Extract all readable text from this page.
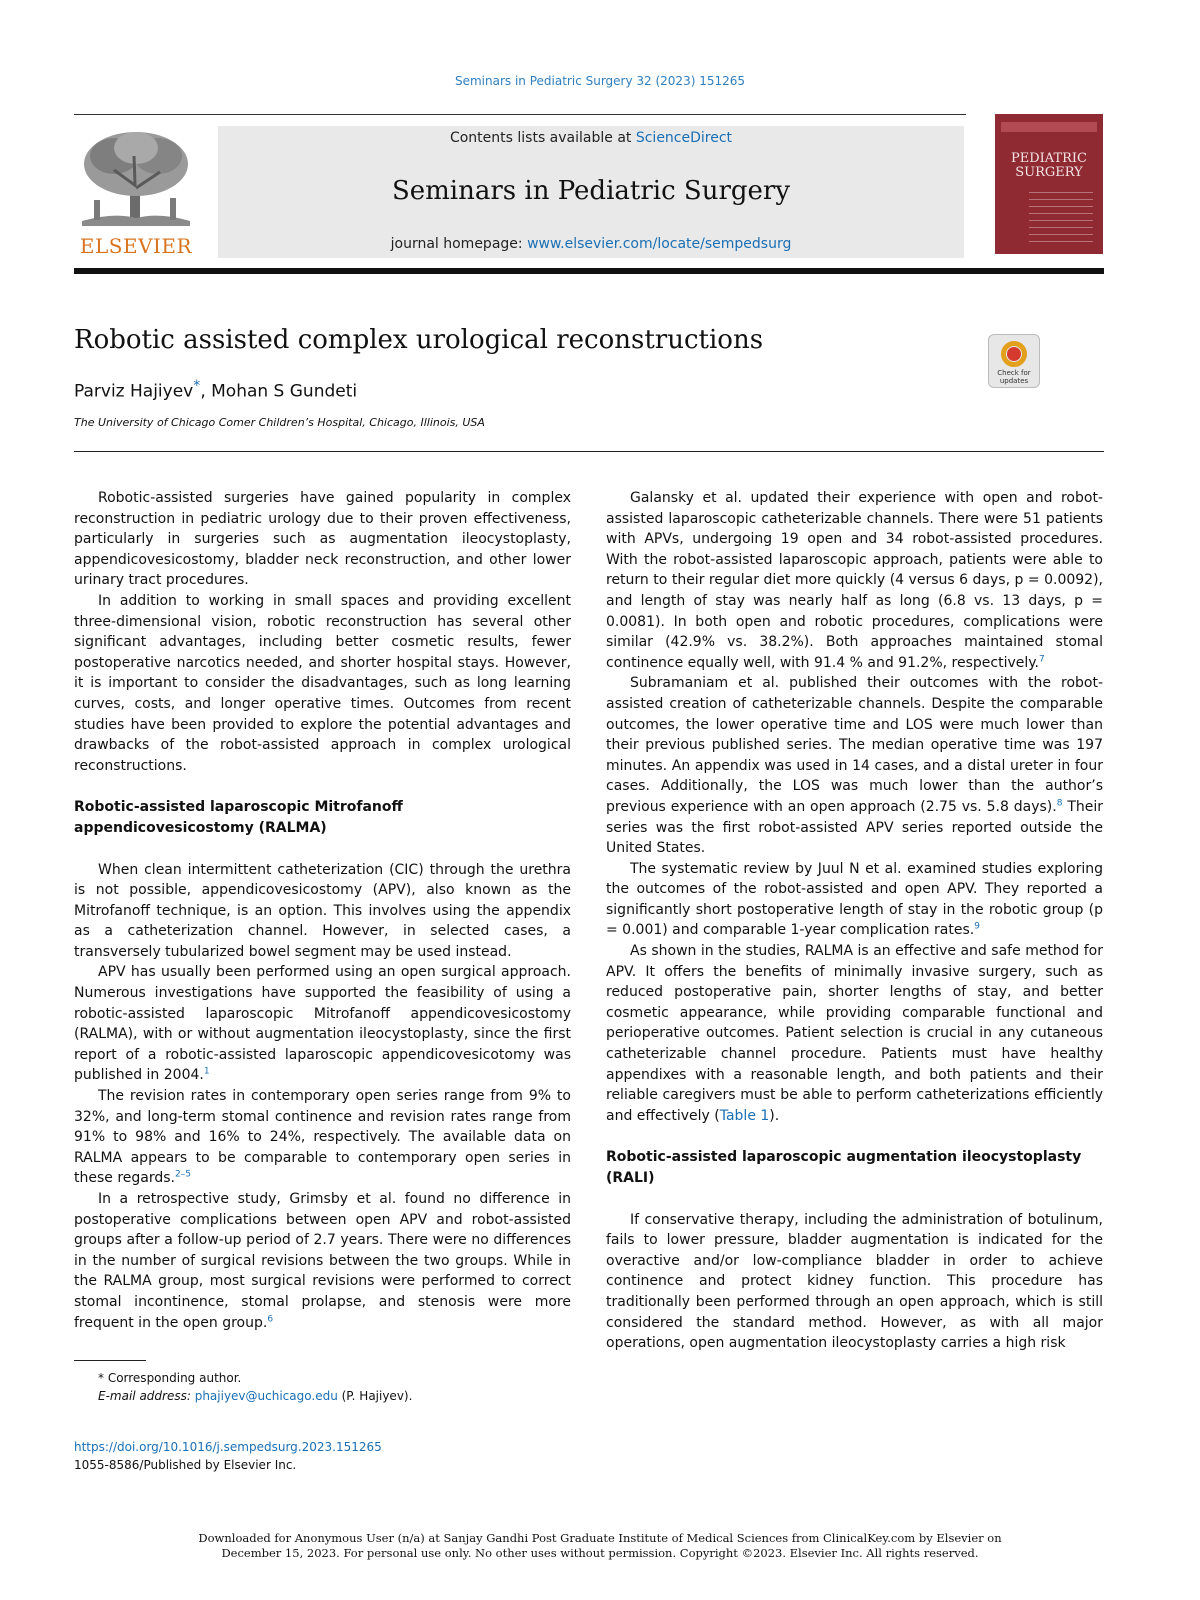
Seminars in Pediatric Surgery 32 (2023) 151265
ELSEVIER
Contents lists available at ScienceDirect
Seminars in Pediatric Surgery
journal homepage: www.elsevier.com/locate/sempedsurg
PEDIATRIC
SURGERY
Robotic assisted complex urological reconstructions
Parviz Hajiyev*, Mohan S Gundeti
The University of Chicago Comer Children’s Hospital, Chicago, Illinois, USA
Check for updates

Robotic-assisted surgeries have gained popularity in complex reconstruction in pediatric urology due to their proven effectiveness, particularly in surgeries such as augmentation ileocystoplasty, appendicovesicostomy, bladder neck reconstruction, and other lower urinary tract procedures.

In addition to working in small spaces and providing excellent three-dimensional vision, robotic reconstruction has several other significant advantages, including better cosmetic results, fewer postoperative narcotics needed, and shorter hospital stays. However, it is important to consider the disadvantages, such as long learning curves, costs, and longer operative times. Outcomes from recent studies have been provided to explore the potential advantages and drawbacks of the robot-assisted approach in complex urological reconstructions.

Robotic-assisted laparoscopic Mitrofanoff
appendicovesicostomy (RALMA)

When clean intermittent catheterization (CIC) through the urethra is not possible, appendicovesicostomy (APV), also known as the Mitrofanoff technique, is an option. This involves using the appendix as a catheterization channel. However, in selected cases, a transversely tubularized bowel segment may be used instead.

APV has usually been performed using an open surgical approach. Numerous investigations have supported the feasibility of using a robotic-assisted laparoscopic Mitrofanoff appendicovesicostomy (RALMA), with or without augmentation ileocystoplasty, since the first report of a robotic-assisted laparoscopic appendicovesicotomy was published in 2004.$^1$

The revision rates in contemporary open series range from 9% to 32%, and long-term stomal continence and revision rates range from 91% to 98% and 16% to 24%, respectively. The available data on RALMA appears to be comparable to contemporary open series in these regards.$^{2-5}$

In a retrospective study, Grimsby et al. found no difference in postoperative complications between open APV and robot-assisted groups after a follow-up period of 2.7 years. There were no differences in the number of surgical revisions between the two groups. While in the RALMA group, most surgical revisions were performed to correct stomal incontinence, stomal prolapse, and stenosis were more frequent in the open group.$^6$

Galansky et al. updated their experience with open and robot-assisted laparoscopic catheterizable channels. There were 51 patients with APVs, undergoing 19 open and 34 robot-assisted procedures. With the robot-assisted laparoscopic approach, patients were able to return to their regular diet more quickly (4 versus 6 days, p = 0.0092), and length of stay was nearly half as long (6.8 vs. 13 days, p = 0.0081). In both open and robotic procedures, complications were similar (42.9% vs. 38.2%). Both approaches maintained stomal continence equally well, with 91.4 % and 91.2%, respectively.$^7$

Subramaniam et al. published their outcomes with the robot-assisted creation of catheterizable channels. Despite the comparable outcomes, the lower operative time and LOS were much lower than their previous published series. The median operative time was 197 minutes. An appendix was used in 14 cases, and a distal ureter in four cases. Additionally, the LOS was much lower than the author’s previous experience with an open approach (2.75 vs. 5.8 days).$^8$ Their series was the first robot-assisted APV series reported outside the United States.

The systematic review by Juul N et al. examined studies exploring the outcomes of the robot-assisted and open APV. They reported a significantly short postoperative length of stay in the robotic group (p = 0.001) and comparable 1-year complication rates.$^9$

As shown in the studies, RALMA is an effective and safe method for APV. It offers the benefits of minimally invasive surgery, such as reduced postoperative pain, shorter lengths of stay, and better cosmetic appearance, while providing comparable functional and perioperative outcomes. Patient selection is crucial in any cutaneous catheterizable channel procedure. Patients must have healthy appendixes with a reasonable length, and both patients and their reliable caregivers must be able to perform catheterizations efficiently and effectively (Table 1).

Robotic-assisted laparoscopic augmentation ileocystoplasty (RALI)

If conservative therapy, including the administration of botulinum, fails to lower pressure, bladder augmentation is indicated for the overactive and/or low-compliance bladder in order to achieve continence and protect kidney function. This procedure has traditionally been performed through an open approach, which is still considered the standard method. However, as with all major operations, open augmentation ileocystoplasty carries a high risk

* Corresponding author.
E-mail address: phajiyev@uchicago.edu (P. Hajiyev).
https://doi.org/10.1016/j.sempedsurg.2023.151265
1055-8586/Published by Elsevier Inc.
Downloaded for Anonymous User (n/a) at Sanjay Gandhi Post Graduate Institute of Medical Sciences from ClinicalKey.com by Elsevier on
December 15, 2023. For personal use only. No other uses without permission. Copyright ©2023. Elsevier Inc. All rights reserved.
